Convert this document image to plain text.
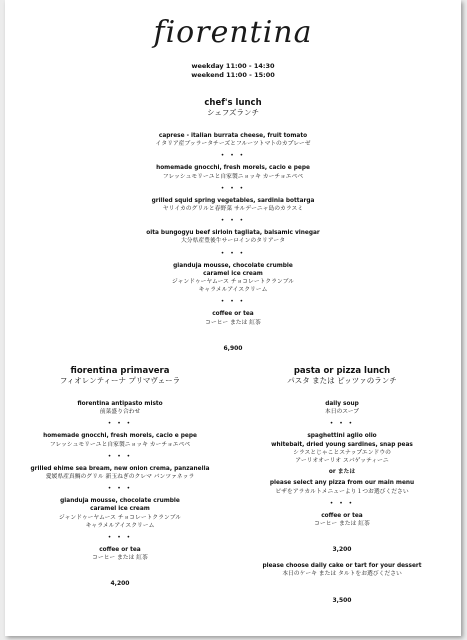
fiorentina
weekday 11:00 - 14:30
weekend 11:00 - 15:00
chef's lunch
シェフズランチ
caprese - italian burrata cheese, fruit tomato
イタリア産ブッラータチーズとフルーツトマトのカプレーゼ
• • •
homemade gnocchi, fresh morels, cacio e pepe
フレッシュモリーユと自家製ニョッキ カーチョエペペ
• • •
grilled squid spring vegetables, sardinia bottarga
ヤリイカのグリルと春野菜 サルデーニャ島のカラスミ
• • •
oita bungogyu beef sirloin tagliata, balsamic vinegar
大分県産豊後牛サーロインのタリアータ
• • •
gianduja mousse, chocolate crumble
caramel ice cream
ジャンドゥーヤムース チョコレートクランブル
キャラメルアイスクリーム
• • •
coffee or tea
コーヒー または 紅茶
6,900
fiorentina primavera
フィオレンティーナ プリマヴェーラ
fiorentina antipasto misto
前菜盛り合わせ
• • •
homemade gnocchi, fresh morels, cacio e pepe
フレッシュモリーユと自家製ニョッキ カーチョエペペ
• • •
grilled ehime sea bream, new onion crema, panzanella
愛媛県産真鯛のグリル 新玉ねぎのクレマ パンツァネッラ
• • •
gianduja mousse, chocolate crumble
caramel ice cream
ジャンドゥーヤムース チョコレートクランブル
キャラメルアイスクリーム
• • •
coffee or tea
コーヒー または 紅茶
4,200
pasta or pizza lunch
パスタ または ピッツァのランチ
daily soup
本日のスープ
• • •
spaghettini aglio olio
whitebait, dried young sardines, snap peas
シラスとじゃことスナップエンドウの
アーリオオーリオ スパゲッティーニ
or または
please select any pizza from our main menu
ピザをアラカルトメニューより１つお選びください
• • •
coffee or tea
コーヒー または 紅茶
3,200
please choose daily cake or tart for your dessert
本日のケーキ または タルトをお選びください
3,500
